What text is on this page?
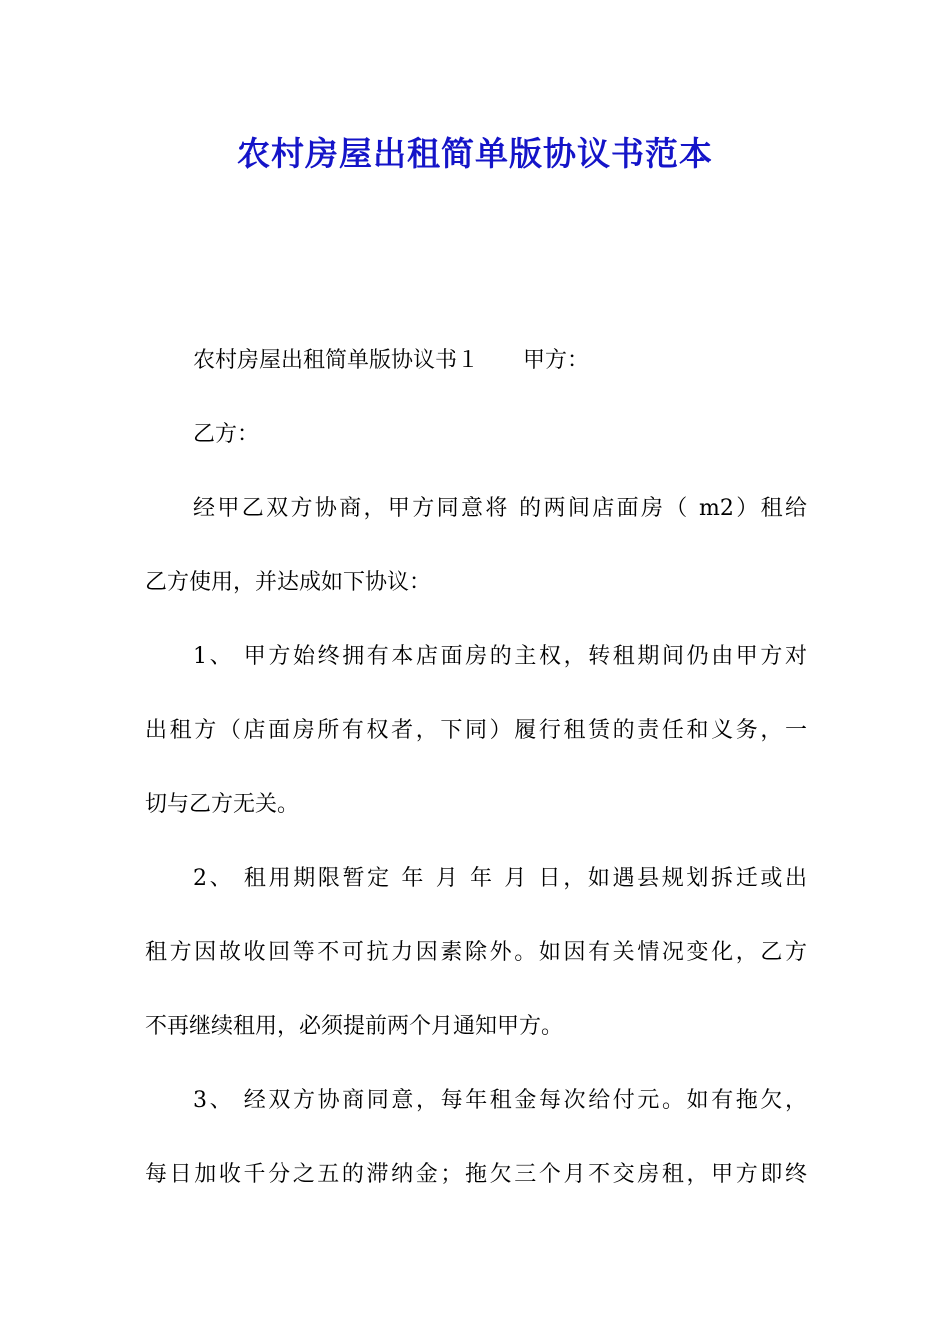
农村房屋出租简单版协议书范本
农村房屋出租简单版协议书１　　甲方：
乙方：
经甲乙双方协商，甲方同意将 的两间店面房（ m2）租给
乙方使用，并达成如下协议：
1、 甲方始终拥有本店面房的主权，转租期间仍由甲方对
出租方（店面房所有权者，下同）履行租赁的责任和义务，一
切与乙方无关。
2、 租用期限暂定 年 月 年 月 日，如遇县规划拆迁或出
租方因故收回等不可抗力因素除外。如因有关情况变化，乙方
不再继续租用，必须提前两个月通知甲方。
3、 经双方协商同意，每年租金每次给付元。如有拖欠，
每日加收千分之五的滞纳金；拖欠三个月不交房租，甲方即终
